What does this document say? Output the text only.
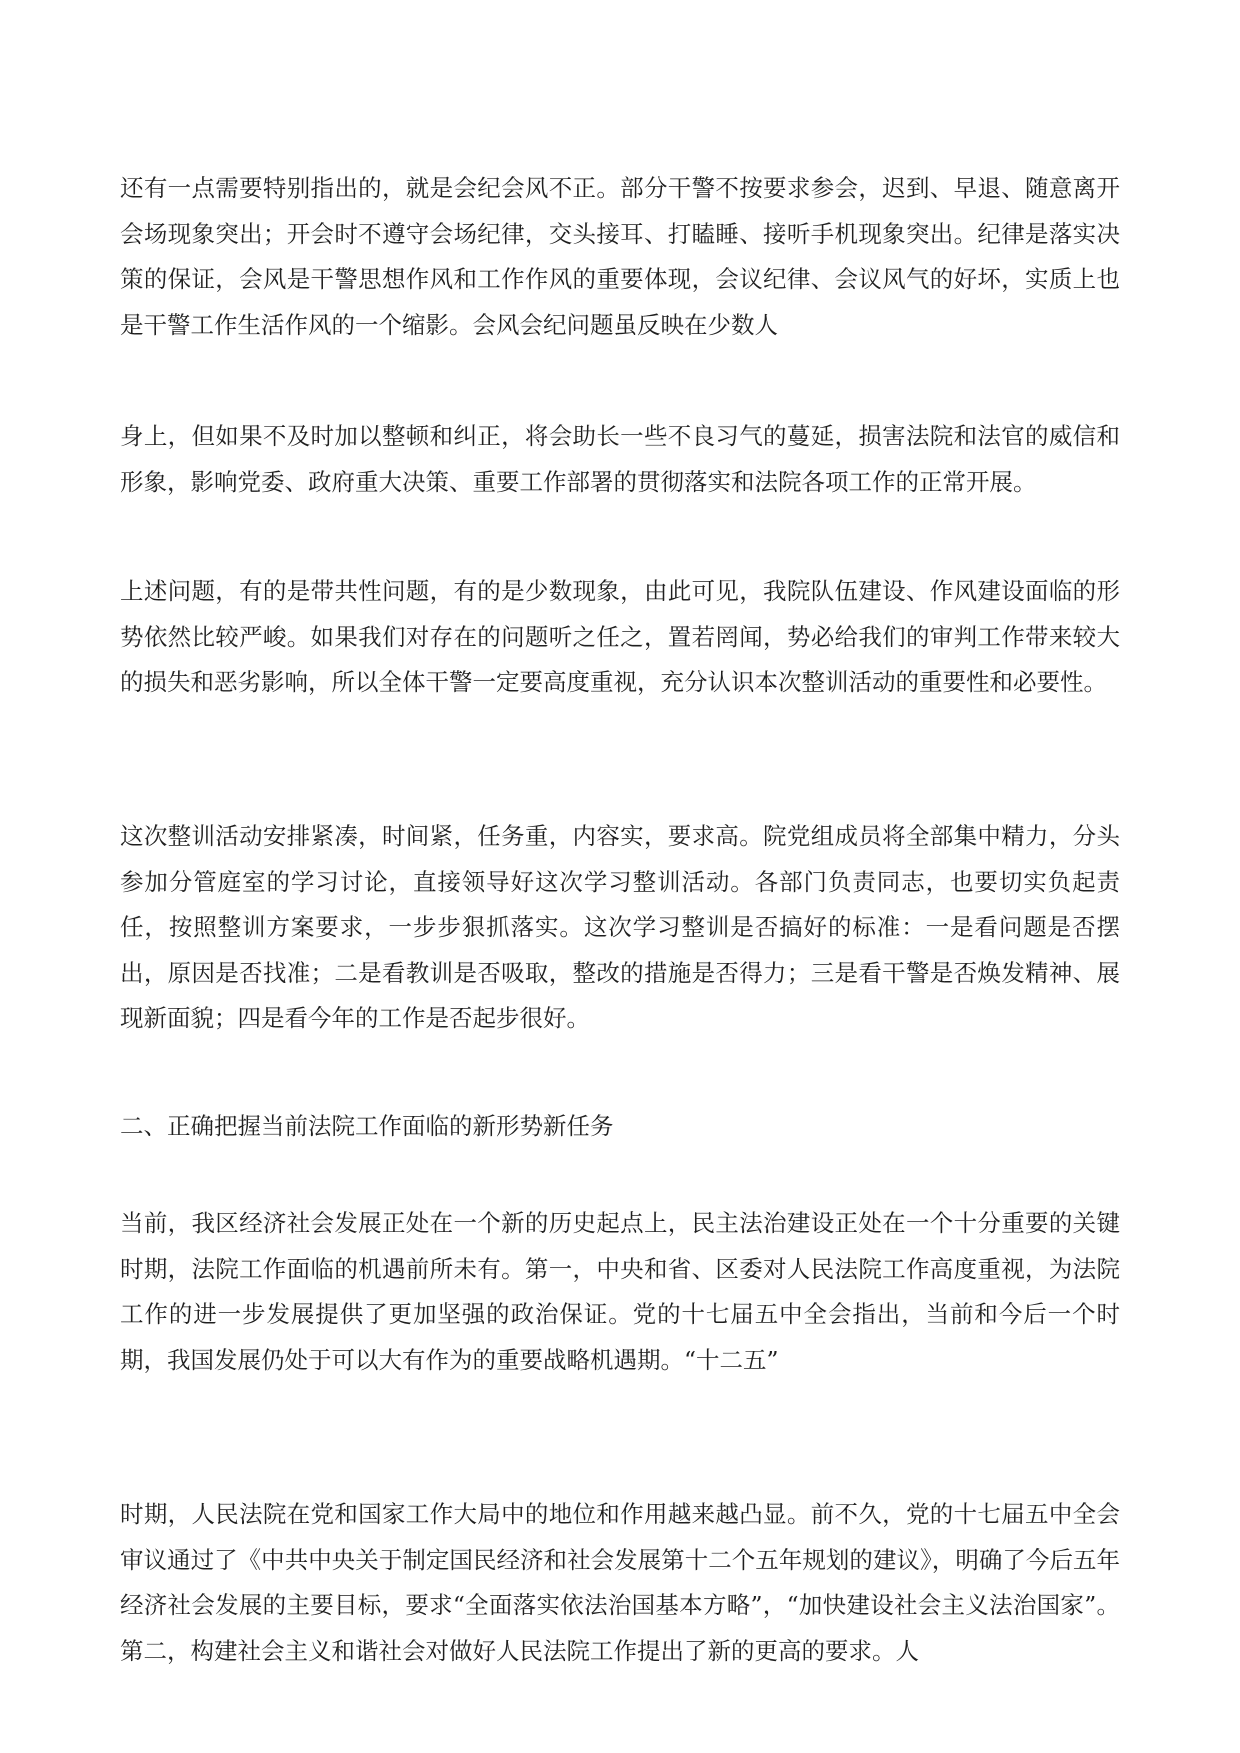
还有一点需要特别指出的，就是会纪会风不正。部分干警不按要求参会，迟到、早退、随意离开会场现象突出；开会时不遵守会场纪律，交头接耳、打瞌睡、接听手机现象突出。纪律是落实决策的保证，会风是干警思想作风和工作作风的重要体现，会议纪律、会议风气的好坏，实质上也是干警工作生活作风的一个缩影。会风会纪问题虽反映在少数人

身上，但如果不及时加以整顿和纠正，将会助长一些不良习气的蔓延，损害法院和法官的威信和形象，影响党委、政府重大决策、重要工作部署的贯彻落实和法院各项工作的正常开展。

上述问题，有的是带共性问题，有的是少数现象，由此可见，我院队伍建设、作风建设面临的形势依然比较严峻。如果我们对存在的问题听之任之，置若罔闻，势必给我们的审判工作带来较大的损失和恶劣影响，所以全体干警一定要高度重视，充分认识本次整训活动的重要性和必要性。

这次整训活动安排紧凑，时间紧，任务重，内容实，要求高。院党组成员将全部集中精力，分头参加分管庭室的学习讨论，直接领导好这次学习整训活动。各部门负责同志，也要切实负起责任，按照整训方案要求，一步步狠抓落实。这次学习整训是否搞好的标准：一是看问题是否摆出，原因是否找准；二是看教训是否吸取，整改的措施是否得力；三是看干警是否焕发精神、展现新面貌；四是看今年的工作是否起步很好。

二、正确把握当前法院工作面临的新形势新任务

当前，我区经济社会发展正处在一个新的历史起点上，民主法治建设正处在一个十分重要的关键时期，法院工作面临的机遇前所未有。第一，中央和省、区委对人民法院工作高度重视，为法院工作的进一步发展提供了更加坚强的政治保证。党的十七届五中全会指出，当前和今后一个时期，我国发展仍处于可以大有作为的重要战略机遇期。“十二五”

时期，人民法院在党和国家工作大局中的地位和作用越来越凸显。前不久，党的十七届五中全会审议通过了《中共中央关于制定国民经济和社会发展第十二个五年规划的建议》，明确了今后五年经济社会发展的主要目标，要求“全面落实依法治国基本方略”，“加快建设社会主义法治国家”。第二，构建社会主义和谐社会对做好人民法院工作提出了新的更高的要求。人
